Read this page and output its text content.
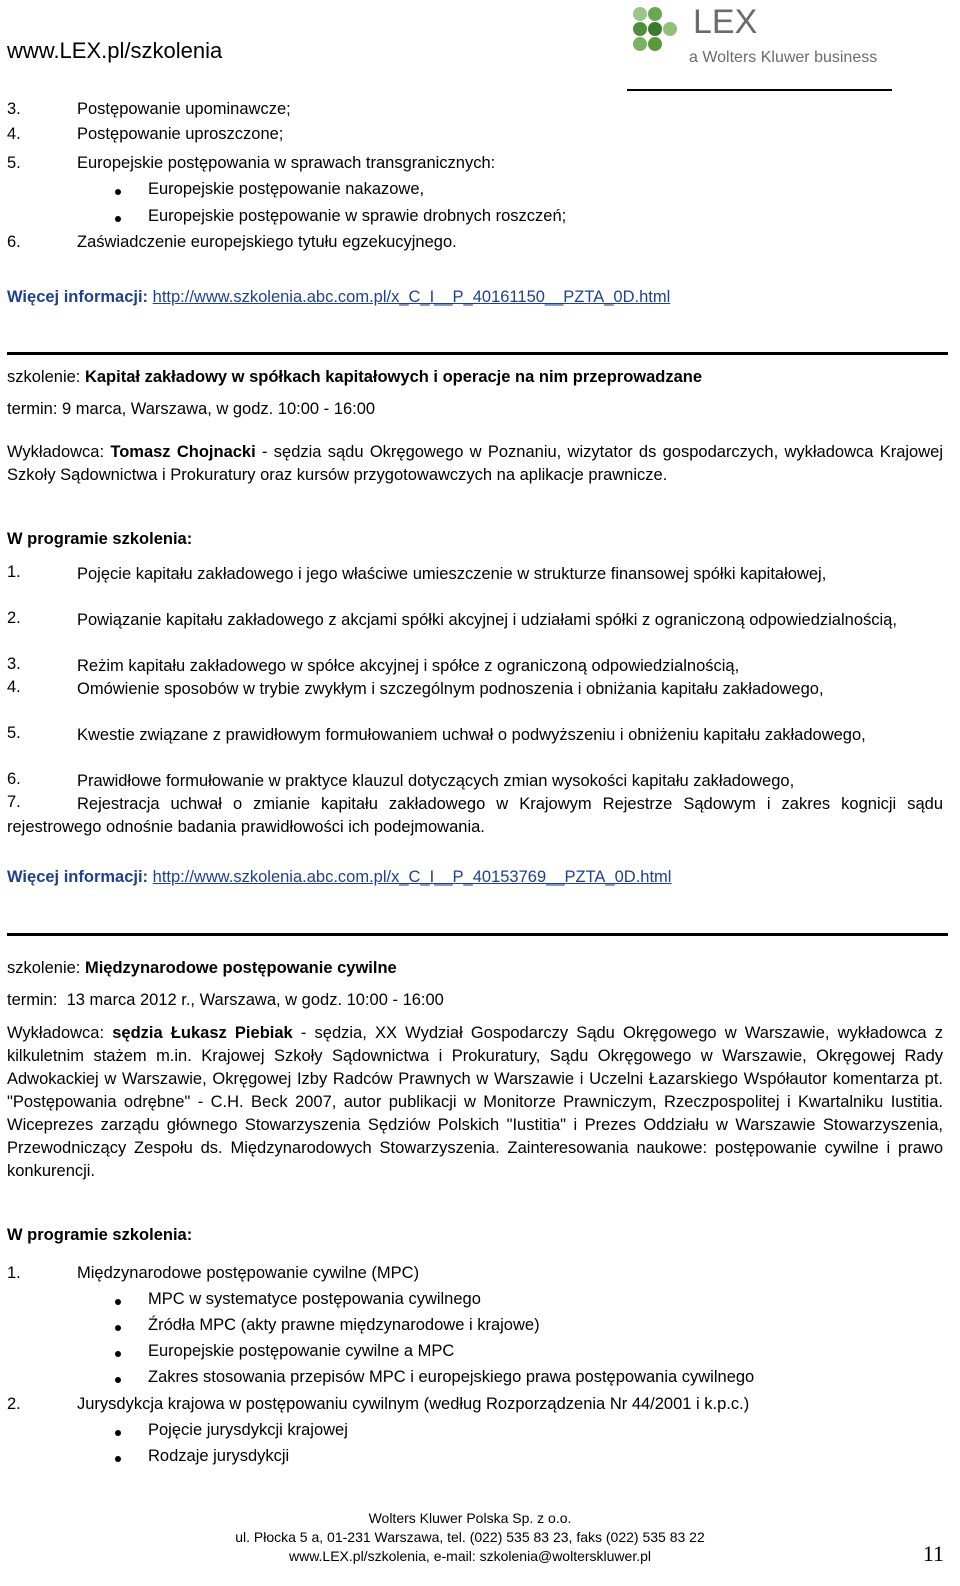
www.LEX.pl/szkolenia
LEX
a Wolters Kluwer business
3.	Postępowanie upominawcze;
4.	Postępowanie uproszczone;
5.	Europejskie postępowania w sprawach transgranicznych:
Europejskie postępowanie nakazowe,
Europejskie postępowanie w sprawie drobnych roszczeń;
6.	Zaświadczenie europejskiego tytułu egzekucyjnego.
Więcej informacji: http://www.szkolenia.abc.com.pl/x_C_I__P_40161150__PZTA_0D.html
szkolenie: Kapitał zakładowy w spółkach kapitałowych i operacje na nim przeprowadzane
termin: 9 marca, Warszawa, w godz. 10:00 - 16:00
Wykładowca: Tomasz Chojnacki - sędzia sądu Okręgowego w Poznaniu, wizytator ds gospodarczych, wykładowca Krajowej Szkoły Sądownictwa i Prokuratury oraz kursów przygotowawczych na aplikacje prawnicze.
W programie szkolenia:
1.	Pojęcie kapitału zakładowego i jego właściwe umieszczenie w strukturze finansowej spółki kapitałowej,
2.	Powiązanie kapitału zakładowego z akcjami spółki akcyjnej i udziałami spółki z ograniczoną odpowiedzialnością,
3.	Reżim kapitału zakładowego w spółce akcyjnej i spółce z ograniczoną odpowiedzialnością,
4.	Omówienie sposobów w trybie zwykłym i szczególnym podnoszenia i obniżania kapitału zakładowego,
5.	Kwestie związane z prawidłowym formułowaniem uchwał o podwyższeniu i obniżeniu kapitału zakładowego,
6.	Prawidłowe formułowanie w praktyce klauzul dotyczących zmian wysokości kapitału zakładowego,
7.	Rejestracja uchwał o zmianie kapitału zakładowego w Krajowym Rejestrze Sądowym i zakres kognicji sądu rejestrowego odnośnie badania prawidłowości ich podejmowania.
Więcej informacji: http://www.szkolenia.abc.com.pl/x_C_I__P_40153769__PZTA_0D.html
szkolenie: Międzynarodowe postępowanie cywilne
termin: 13 marca 2012 r., Warszawa, w godz. 10:00 - 16:00
Wykładowca: sędzia Łukasz Piebiak - sędzia, XX Wydział Gospodarczy Sądu Okręgowego w Warszawie, wykładowca z kilkuletnim stażem m.in. Krajowej Szkoły Sądownictwa i Prokuratury, Sądu Okręgowego w Warszawie, Okręgowej Rady Adwokackiej w Warszawie, Okręgowej Izby Radców Prawnych w Warszawie i Uczelni Łazarskiego Współautor komentarza pt. "Postępowania odrębne" - C.H. Beck 2007, autor publikacji w Monitorze Prawniczym, Rzeczpospolitej i Kwartalniku Iustitia. Wiceprezes zarządu głównego Stowarzyszenia Sędziów Polskich "Iustitia" i Prezes Oddziału w Warszawie Stowarzyszenia, Przewodniczący Zespołu ds. Międzynarodowych Stowarzyszenia. Zainteresowania naukowe: postępowanie cywilne i prawo konkurencji.
W programie szkolenia:
1.	Międzynarodowe postępowanie cywilne (MPC)
MPC w systematyce postępowania cywilnego
Źródła MPC (akty prawne międzynarodowe i krajowe)
Europejskie postępowanie cywilne a MPC
Zakres stosowania przepisów MPC i europejskiego prawa postępowania cywilnego
2.	Jurysdykcja krajowa w postępowaniu cywilnym (według Rozporządzenia Nr 44/2001 i k.p.c.)
Pojęcie jurysdykcji krajowej
Rodzaje jurysdykcji
Wolters Kluwer Polska Sp. z o.o.
ul. Płocka 5 a, 01-231 Warszawa, tel. (022) 535 83 23, faks (022) 535 83 22
www.LEX.pl/szkolenia, e-mail: szkolenia@wolterskluwer.pl	11
